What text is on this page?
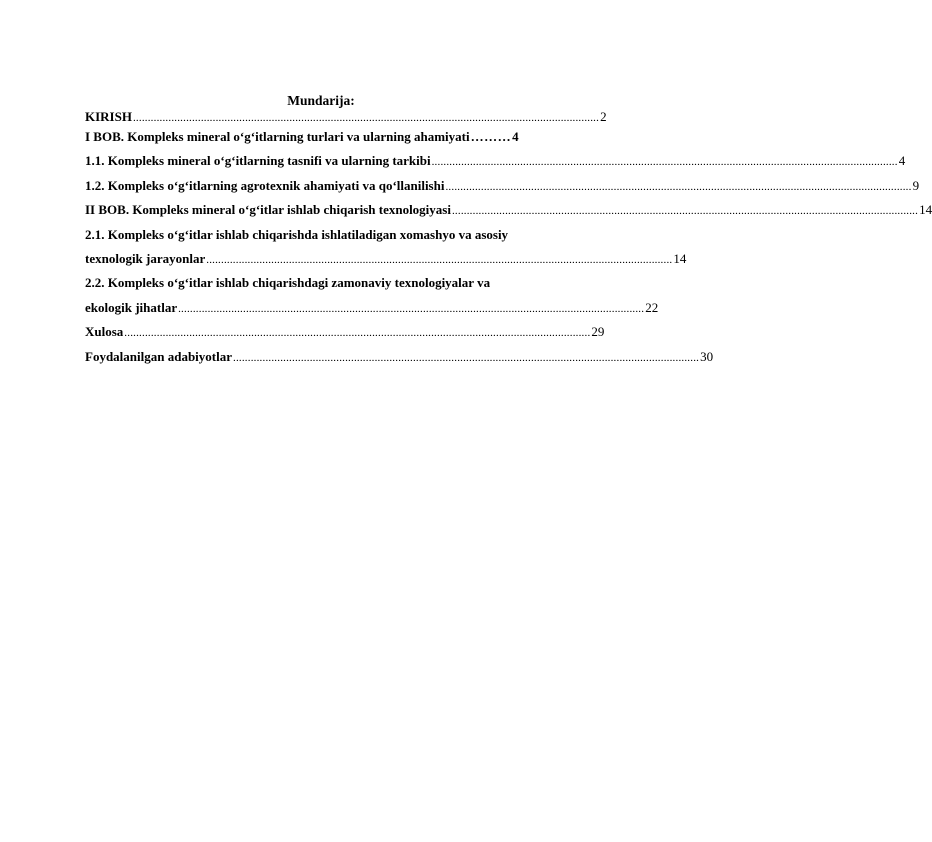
Mundarija:
KIRISH .............................................................................................................................................................. 2
I BOB. Kompleks mineral o‘g‘itlarning turlari va ularning ahamiyati ……… 4
1.1. Kompleks mineral o‘g‘itlarning tasnifi va ularning tarkibi .............................................................................................................................................................. 4
1.2. Kompleks o‘g‘itlarning agrotexnik ahamiyati va qo‘llanilishi .............................................................................................................................................................. 9
II BOB. Kompleks mineral o‘g‘itlar ishlab chiqarish texnologiyasi .............................................................................................................................................................. 14
2.1. Kompleks o‘g‘itlar ishlab chiqarishda ishlatiladigan xomashyo va asosiy
texnologik jarayonlar .............................................................................................................................................................. 14
2.2. Kompleks o‘g‘itlar ishlab chiqarishdagi zamonaviy texnologiyalar va
ekologik jihatlar .............................................................................................................................................................. 22
Xulosa .............................................................................................................................................................. 29
Foydalanilgan adabiyotlar .............................................................................................................................................................. 30
